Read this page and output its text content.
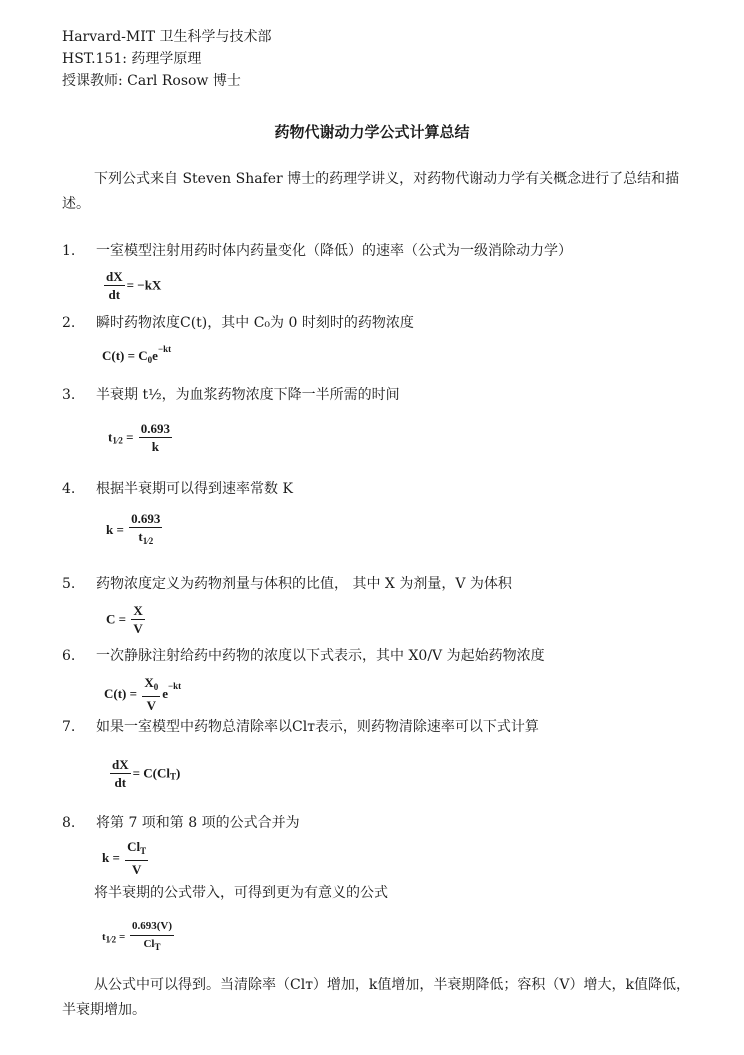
Harvard-MIT 卫生科学与技术部
HST.151: 药理学原理
授课教师: Carl Rosow 博士
药物代谢动力学公式计算总结
下列公式来自 Steven Shafer 博士的药理学讲义，对药物代谢动力学有关概念进行了总结和描述。
1. 一室模型注射用药时体内药量变化（降低）的速率（公式为一级消除动力学）
$\frac{dX}{dt} = -kX$
2. 瞬时药物浓度C(t)，其中 C₀为 0 时刻时的药物浓度
$C(t) = C_0e^{-kt}$
3. 半衰期 t½，为血浆药物浓度下降一半所需的时间
$t_{1⁄2} = \frac{0.693}{k}$
4. 根据半衰期可以得到速率常数 K
$k = \frac{0.693}{t_{1⁄2}}$
5. 药物浓度定义为药物剂量与体积的比值， 其中 X 为剂量，V 为体积
$C = \frac{X}{V}$
6. 一次静脉注射给药中药物的浓度以下式表示，其中 X0/V 为起始药物浓度
$C(t) = \frac{X_0}{V} e^{-kt}$
7. 如果一室模型中药物总清除率以Clᴛ表示，则药物清除速率可以下式计算
$\frac{dX}{dt} = C(Cl_T)$
8. 将第 7 项和第 8 项的公式合并为
$k = \frac{Cl_T}{V}$
将半衰期的公式带入，可得到更为有意义的公式
$t_{1⁄2} = \frac{0.693(V)}{Cl_T}$
从公式中可以得到。当清除率（Clᴛ）增加，k值增加，半衰期降低；容积（V）增大，k值降低，半衰期增加。
